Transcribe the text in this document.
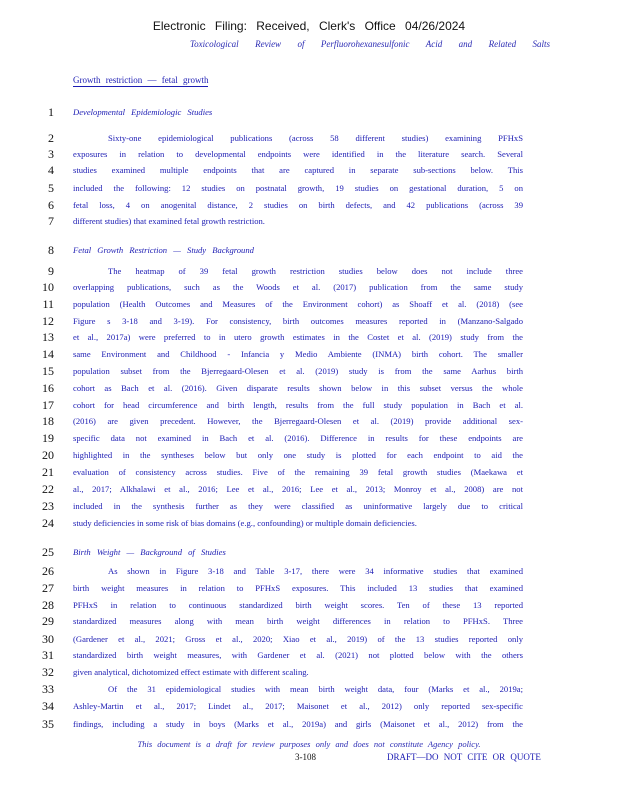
Electronic Filing: Received, Clerk's Office 04/26/2024
Toxicological Review of Perfluorohexanesulfonic Acid and Related Salts
Growth restriction — fetal growth
1 Developmental Epidemiologic Studies
2	Sixty-one epidemiological publications (across 58 different studies) examining PFHxS
3 exposures in relation to developmental endpoints were identified in the literature search. Several
4 studies examined multiple endpoints that are captured in separate sub-sections below. This
5 included the following: 12 studies on postnatal growth, 19 studies on gestational duration, 5 on
6 fetal loss, 4 on anogenital distance, 2 studies on birth defects, and 42 publications (across 39
7 different studies) that examined fetal growth restriction.
8 Fetal Growth Restriction — Study Background
9	The heatmap of 39 fetal growth restriction studies below does not include three
10 overlapping publications, such as the Woods et al. (2017) publication from the same study
11 population (Health Outcomes and Measures of the Environment cohort) as Shoaff et al. (2018) (see
12 Figure s 3-18 and 3-19). For consistency, birth outcomes measures reported in (Manzano-Salgado
13 et al., 2017a) were preferred to in utero growth estimates in the Costet et al. (2019) study from the
14 same Environment and Childhood - Infancia y Medio Ambiente (INMA) birth cohort. The smaller
15 population subset from the Bjerregaard-Olesen et al. (2019) study is from the same Aarhus birth
16 cohort as Bach et al. (2016). Given disparate results shown below in this subset versus the whole
17 cohort for head circumference and birth length, results from the full study population in Bach et al.
18 (2016) are given precedent. However, the Bjerregaard-Olesen et al. (2019) provide additional sex-
19 specific data not examined in Bach et al. (2016). Difference in results for these endpoints are
20 highlighted in the syntheses below but only one study is plotted for each endpoint to aid the
21 evaluation of consistency across studies. Five of the remaining 39 fetal growth studies (Maekawa et
22 al., 2017; Alkhalawi et al., 2016; Lee et al., 2016; Lee et al., 2013; Monroy et al., 2008) are not
23 included in the synthesis further as they were classified as uninformative largely due to critical
24 study deficiencies in some risk of bias domains (e.g., confounding) or multiple domain deficiencies.
25 Birth Weight — Background of Studies
26	As shown in Figure 3-18 and Table 3-17, there were 34 informative studies that examined
27 birth weight measures in relation to PFHxS exposures. This included 13 studies that examined
28 PFHxS in relation to continuous standardized birth weight scores. Ten of these 13 reported
29 standardized measures along with mean birth weight differences in relation to PFHxS. Three
30 (Gardener et al., 2021; Gross et al., 2020; Xiao et al., 2019) of the 13 studies reported only
31 standardized birth weight measures, with Gardener et al. (2021) not plotted below with the others
32 given analytical, dichotomized effect estimate with different scaling.
33	Of the 31 epidemiological studies with mean birth weight data, four (Marks et al., 2019a;
34 Ashley-Martin et al., 2017; Lindet al., 2017; Maisonet et al., 2012) only reported sex-specific
35 findings, including a study in boys (Marks et al., 2019a) and girls (Maisonet et al., 2012) from the
This document is a draft for review purposes only and does not constitute Agency policy.
3-108	DRAFT—DO NOT CITE OR QUOTE
